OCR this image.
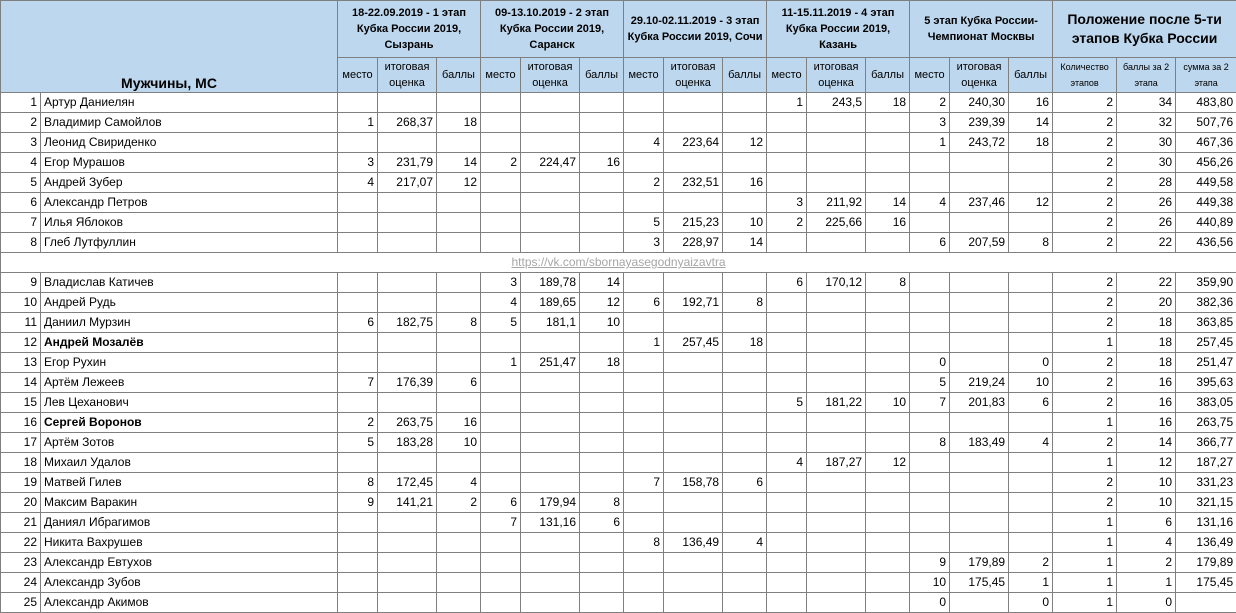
Мужчины, МС		18-22.09.2019 - 1 этап Кубка России 2019, Сызрань			09-13.10.2019 - 2 этап Кубка России 2019, Саранск			29.10-02.11.2019 - 3 этап Кубка России 2019, Сочи			11-15.11.2019 - 4 этап Кубка России 2019, Казань			5 этап Кубка России-Чемпионат Москвы			Положение после 5-ти этапов Кубка России		
		место	итоговая оценка	баллы	место	итоговая оценка	баллы	место	итоговая оценка	баллы	место	итоговая оценка	баллы	место	итоговая оценка	баллы	Количество этапов	баллы за 2 этапа	сумма за 2 этапа
1	Артур Даниелян										1	243,5	18	2	240,30	16	2	34	483,80
2	Владимир Самойлов	1	268,37	18										3	239,39	14	2	32	507,76
3	Леонид Свириденко							4	223,64	12				1	243,72	18	2	30	467,36
4	Егор Мурашов	3	231,79	14	2	224,47	16										2	30	456,26
5	Андрей Зубер	4	217,07	12				2	232,51	16							2	28	449,58
6	Александр Петров										3	211,92	14	4	237,46	12	2	26	449,38
7	Илья Яблоков							5	215,23	10	2	225,66	16				2	26	440,89
8	Глеб Лутфуллин							3	228,97	14				6	207,59	8	2	22	436,56
https://vk.com/sbornayasegodnyaizavtra																			
9	Владислав Катичев				3	189,78	14				6	170,12	8				2	22	359,90
10	Андрей Рудь				4	189,65	12	6	192,71	8							2	20	382,36
11	Даниил Мурзин	6	182,75	8	5	181,1	10										2	18	363,85
12	Андрей Мозалёв							1	257,45	18							1	18	257,45
13	Егор Рухин				1	251,47	18							0		0	2	18	251,47
14	Артём Лежеев	7	176,39	6										5	219,24	10	2	16	395,63
15	Лев Цеханович										5	181,22	10	7	201,83	6	2	16	383,05
16	Сергей Воронов	2	263,75	16													1	16	263,75
17	Артём Зотов	5	183,28	10										8	183,49	4	2	14	366,77
18	Михаил Удалов										4	187,27	12				1	12	187,27
19	Матвей Гилев	8	172,45	4				7	158,78	6							2	10	331,23
20	Максим Варакин	9	141,21	2	6	179,94	8										2	10	321,15
21	Даниял Ибрагимов				7	131,16	6										1	6	131,16
22	Никита Вахрушев							8	136,49	4							1	4	136,49
23	Александр Евтухов													9	179,89	2	1	2	179,89
24	Александр Зубов													10	175,45	1	1	1	175,45
25	Александр Акимов													0		0	1	0	
